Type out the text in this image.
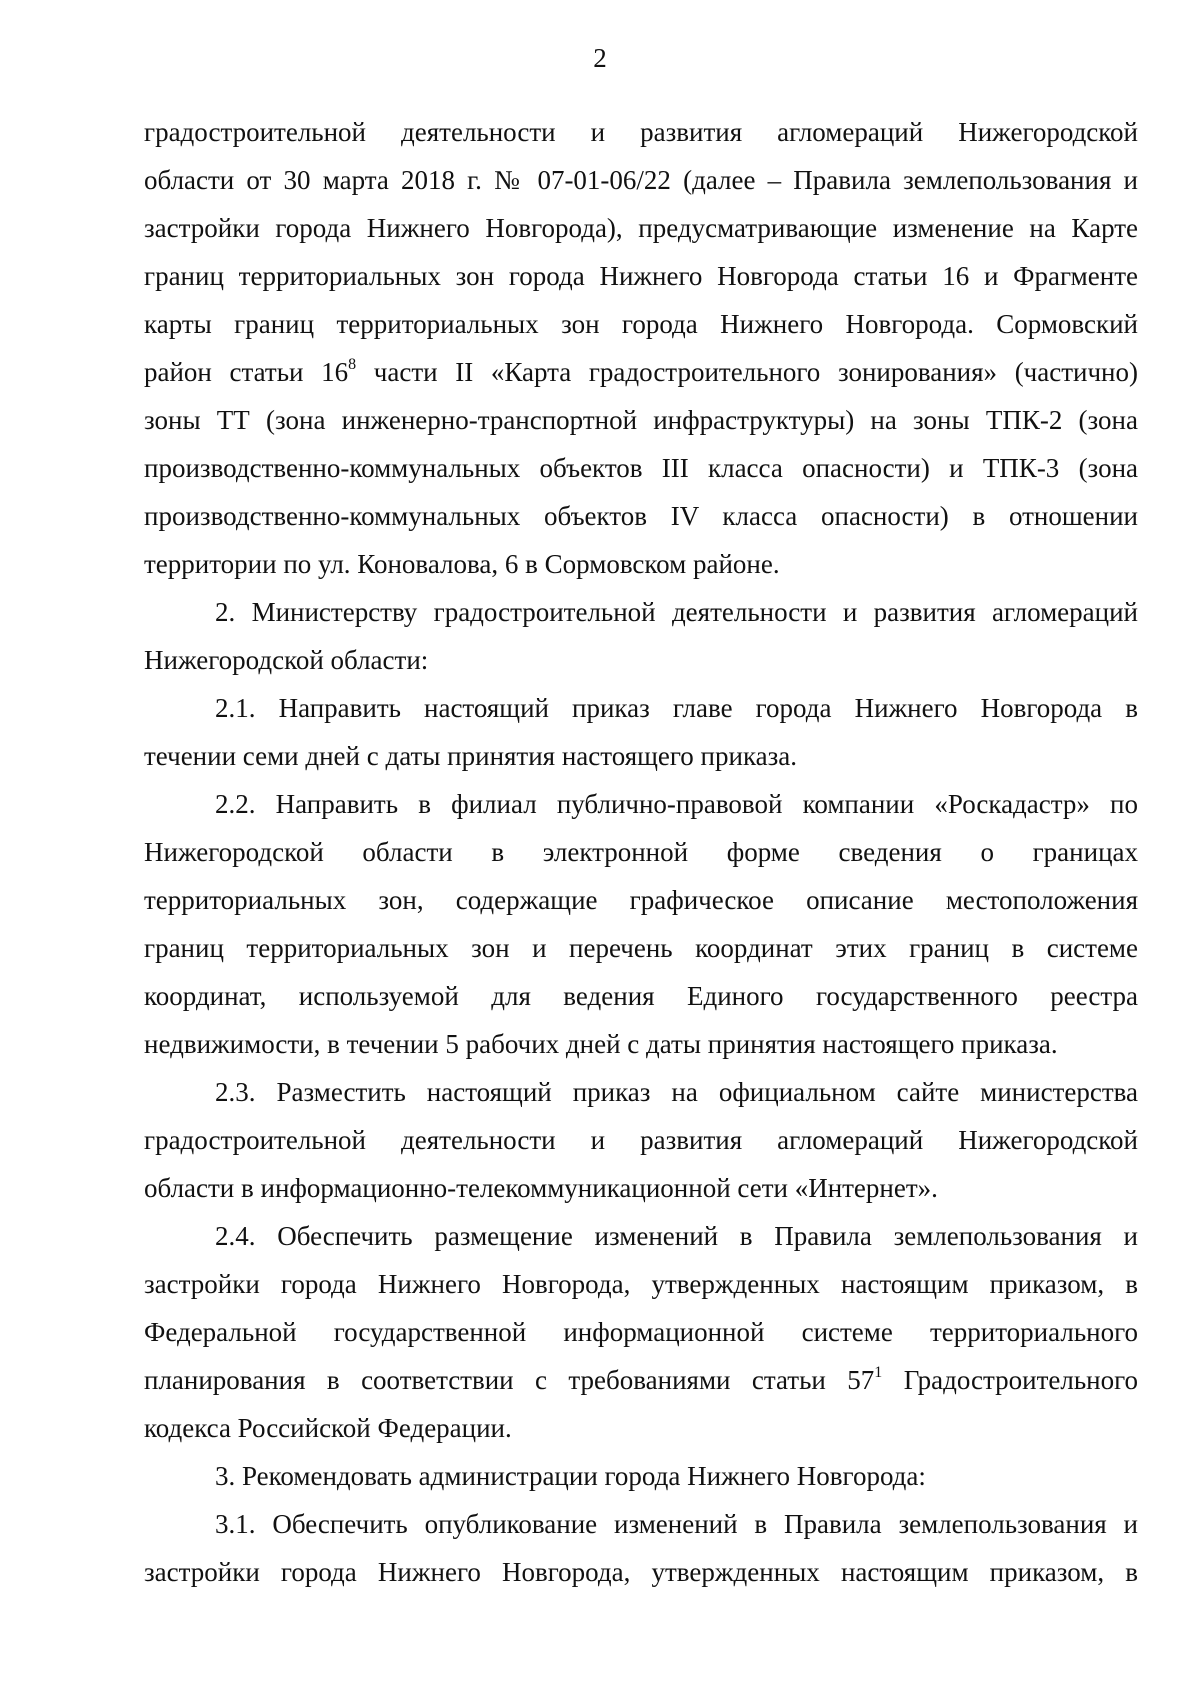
2
градостроительной деятельности и развития агломераций Нижегородской
области от 30 марта 2018 г. № 07-01-06/22 (далее – Правила землепользования и
застройки города Нижнего Новгорода), предусматривающие изменение на Карте
границ территориальных зон города Нижнего Новгорода статьи 16 и Фрагменте
карты границ территориальных зон города Нижнего Новгорода. Сормовский
район статьи $16^8$ части II «Карта градостроительного зонирования» (частично)
зоны ТТ (зона инженерно-транспортной инфраструктуры) на зоны ТПК-2 (зона
производственно-коммунальных объектов III класса опасности) и ТПК-3 (зона
производственно-коммунальных объектов IV класса опасности) в отношении
территории по ул. Коновалова, 6 в Сормовском районе.
2. Министерству градостроительной деятельности и развития агломераций
Нижегородской области:
2.1. Направить настоящий приказ главе города Нижнего Новгорода в
течении семи дней с даты принятия настоящего приказа.
2.2. Направить в филиал публично-правовой компании «Роскадастр» по
Нижегородской области в электронной форме сведения о границах
территориальных зон, содержащие графическое описание местоположения
границ территориальных зон и перечень координат этих границ в системе
координат, используемой для ведения Единого государственного реестра
недвижимости, в течении 5 рабочих дней с даты принятия настоящего приказа.
2.3. Разместить настоящий приказ на официальном сайте министерства
градостроительной деятельности и развития агломераций Нижегородской
области в информационно-телекоммуникационной сети «Интернет».
2.4. Обеспечить размещение изменений в Правила землепользования и
застройки города Нижнего Новгорода, утвержденных настоящим приказом, в
Федеральной государственной информационной системе территориального
планирования в соответствии с требованиями статьи $57^1$ Градостроительного
кодекса Российской Федерации.
3. Рекомендовать администрации города Нижнего Новгорода:
3.1. Обеспечить опубликование изменений в Правила землепользования и
застройки города Нижнего Новгорода, утвержденных настоящим приказом, в
